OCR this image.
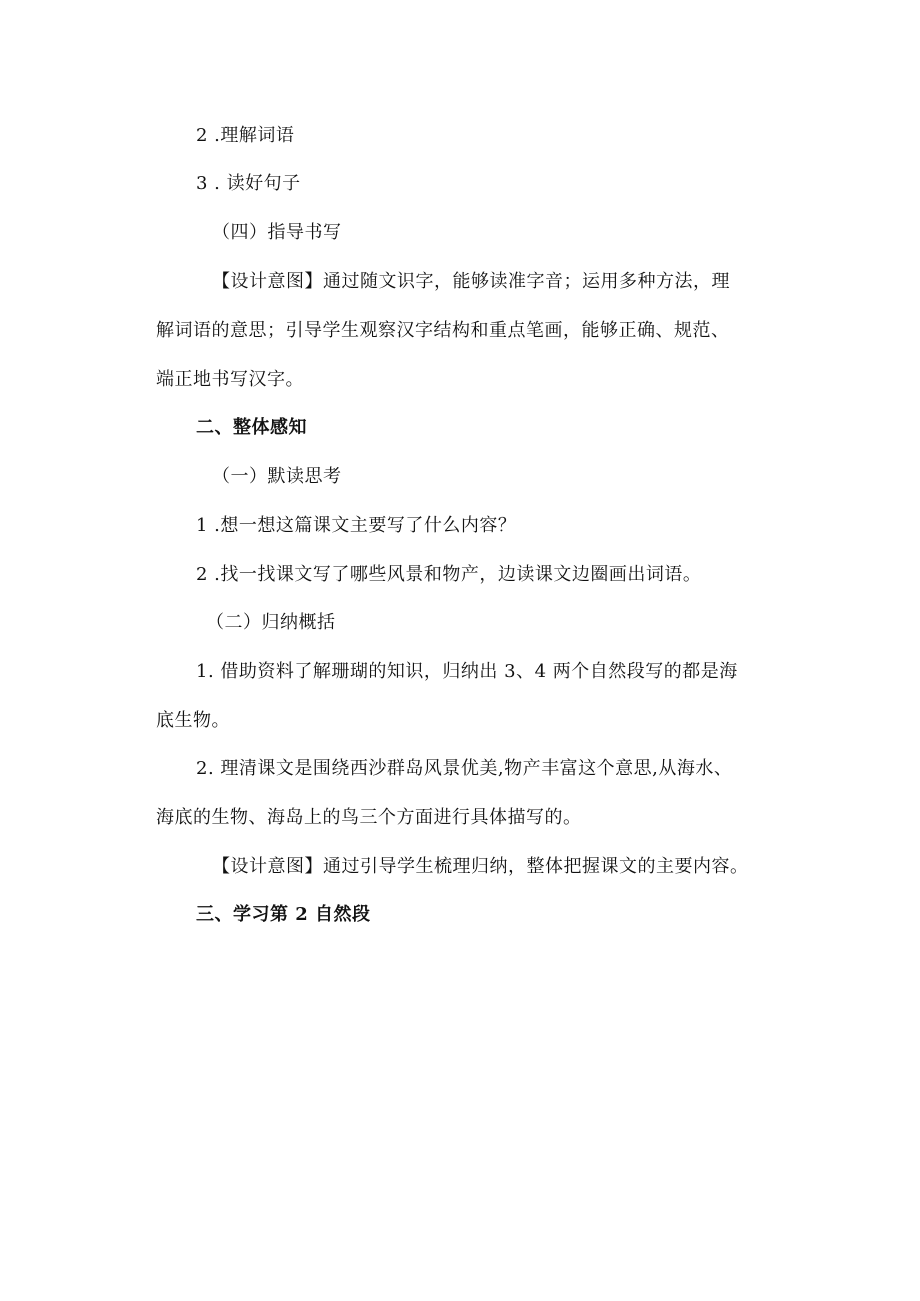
2 .理解词语
3 . 读好句子
（四）指导书写
【设计意图】通过随文识字，能够读准字音；运用多种方法，理
解词语的意思；引导学生观察汉字结构和重点笔画，能够正确、规范、
端正地书写汉字。
二、整体感知
（一）默读思考
1 .想一想这篇课文主要写了什么内容？
2 .找一找课文写了哪些风景和物产，边读课文边圈画出词语。
（二）归纳概括
1. 借助资料了解珊瑚的知识，归纳出 3、4 两个自然段写的都是海
底生物。
2. 理清课文是围绕西沙群岛风景优美,物产丰富这个意思,从海水、
海底的生物、海岛上的鸟三个方面进行具体描写的。
【设计意图】通过引导学生梳理归纳，整体把握课文的主要内容。
三、学习第 2 自然段
